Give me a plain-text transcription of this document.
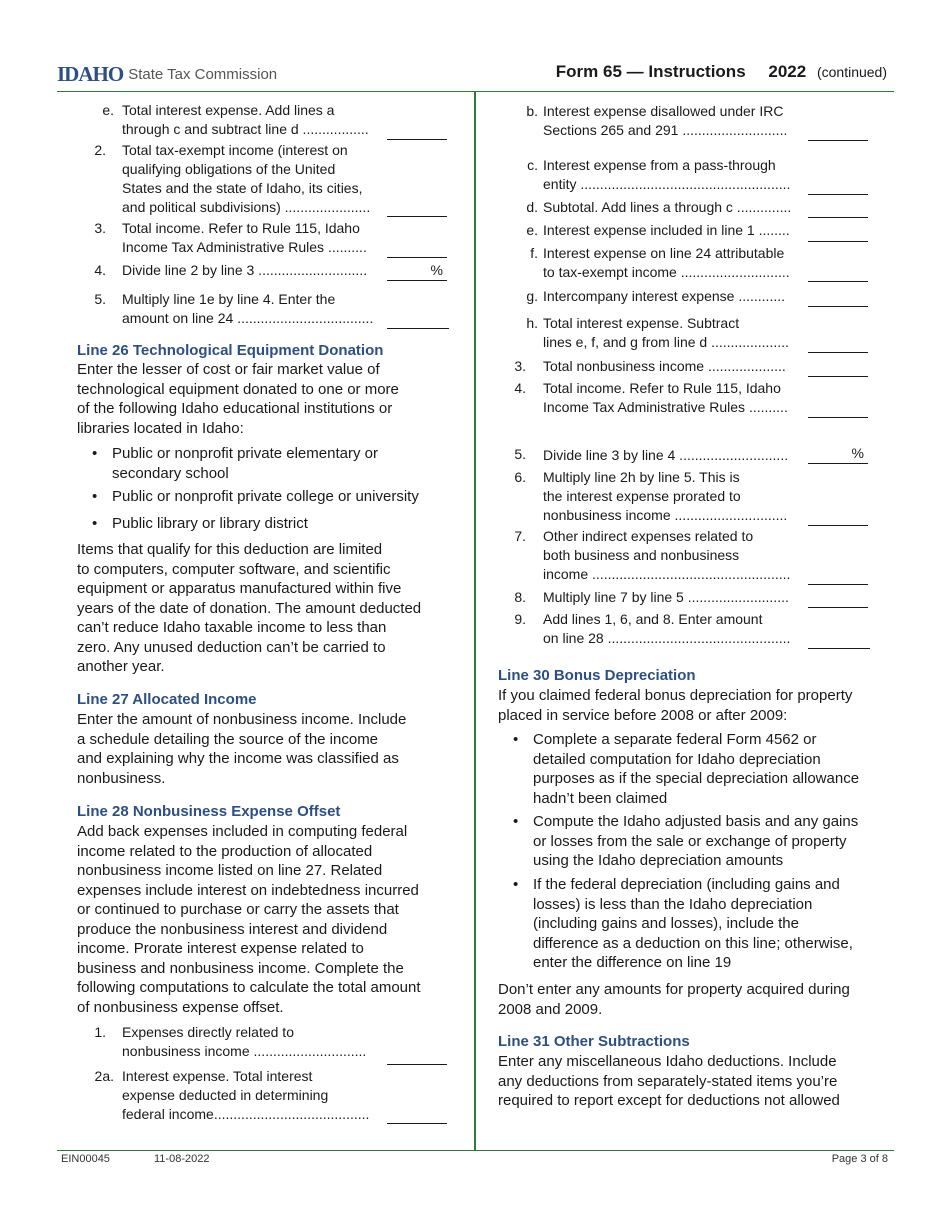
IDAHO State Tax Commission	Form 65 — Instructions 2022 (continued)
e. Total interest expense. Add lines a
through c and subtract line d .................
2. Total tax-exempt income (interest on
qualifying obligations of the United
States and the state of Idaho, its cities,
and political subdivisions) ......................
3. Total income. Refer to Rule 115, Idaho
Income Tax Administrative Rules ..........
4. Divide line 2 by line 3 ............................	%
5. Multiply line 1e by line 4. Enter the
amount on line 24 ...................................
Line 26 Technological Equipment Donation
Enter the lesser of cost or fair market value of
technological equipment donated to one or more
of the following Idaho educational institutions or
libraries located in Idaho:
• Public or nonprofit private elementary or
secondary school
• Public or nonprofit private college or university
• Public library or library district
Items that qualify for this deduction are limited
to computers, computer software, and scientific
equipment or apparatus manufactured within five
years of the date of donation. The amount deducted
can’t reduce Idaho taxable income to less than
zero. Any unused deduction can’t be carried to
another year.
Line 27 Allocated Income
Enter the amount of nonbusiness income. Include
a schedule detailing the source of the income
and explaining why the income was classified as
nonbusiness.
Line 28 Nonbusiness Expense Offset
Add back expenses included in computing federal
income related to the production of allocated
nonbusiness income listed on line 27. Related
expenses include interest on indebtedness incurred
or continued to purchase or carry the assets that
produce the nonbusiness interest and dividend
income. Prorate interest expense related to
business and nonbusiness income. Complete the
following computations to calculate the total amount
of nonbusiness expense offset.
1. Expenses directly related to
nonbusiness income .............................
2a. Interest expense. Total interest
expense deducted in determining
federal income........................................
b. Interest expense disallowed under IRC
Sections 265 and 291 ...........................
c. Interest expense from a pass-through
entity ......................................................
d. Subtotal. Add lines a through c ..............
e. Interest expense included in line 1 ........
f. Interest expense on line 24 attributable
to tax-exempt income ............................
g. Intercompany interest expense ............
h. Total interest expense. Subtract
lines e, f, and g from line d ....................
3. Total nonbusiness income ....................
4. Total income. Refer to Rule 115, Idaho
Income Tax Administrative Rules ..........
5. Divide line 3 by line 4 ............................	%
6. Multiply line 2h by line 5. This is
the interest expense prorated to
nonbusiness income .............................
7. Other indirect expenses related to
both business and nonbusiness
income ...................................................
8. Multiply line 7 by line 5 ..........................
9. Add lines 1, 6, and 8. Enter amount
on line 28 ...............................................
Line 30 Bonus Depreciation
If you claimed federal bonus depreciation for property
placed in service before 2008 or after 2009:
• Complete a separate federal Form 4562 or
detailed computation for Idaho depreciation
purposes as if the special depreciation allowance
hadn’t been claimed
• Compute the Idaho adjusted basis and any gains
or losses from the sale or exchange of property
using the Idaho depreciation amounts
• If the federal depreciation (including gains and
losses) is less than the Idaho depreciation
(including gains and losses), include the
difference as a deduction on this line; otherwise,
enter the difference on line 19
Don’t enter any amounts for property acquired during
2008 and 2009.
Line 31 Other Subtractions
Enter any miscellaneous Idaho deductions. Include
any deductions from separately-stated items you’re
required to report except for deductions not allowed
EIN00045	11-08-2022	Page 3 of 8
